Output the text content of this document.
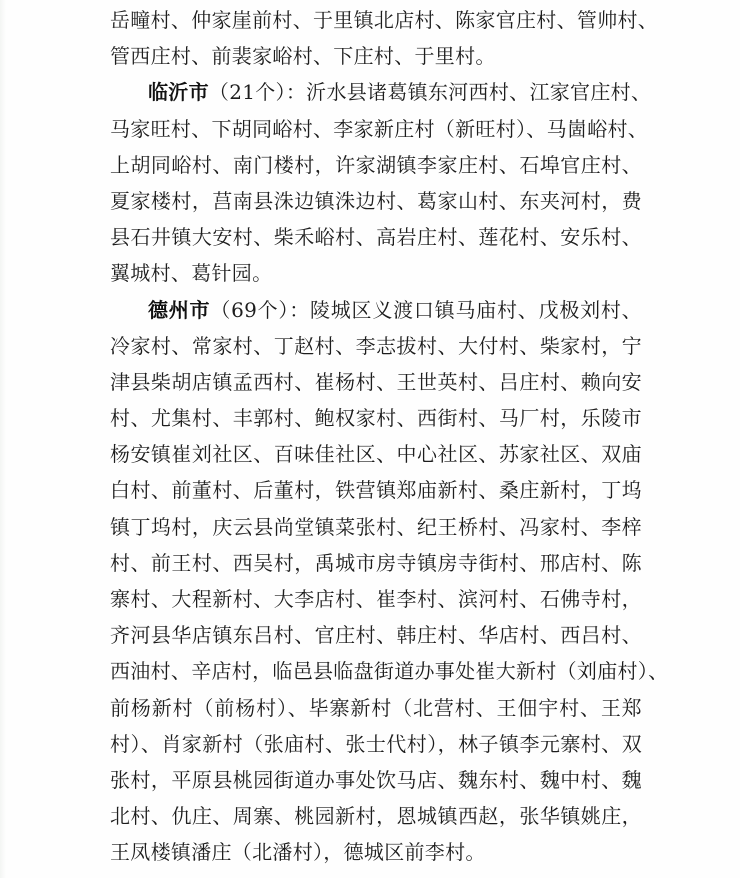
岳疃村、仲家崖前村、于里镇北店村、陈家官庄村、管帅村、
管西庄村、前裴家峪村、下庄村、于里村。
临沂市（21个）：沂水县诸葛镇东河西村、江家官庄村、
马家旺村、下胡同峪村、李家新庄村（新旺村）、马崮峪村、
上胡同峪村、南门楼村，许家湖镇李家庄村、石埠官庄村、
夏家楼村，莒南县洙边镇洙边村、葛家山村、东夹河村，费
县石井镇大安村、柴禾峪村、高岩庄村、莲花村、安乐村、
翼城村、葛针园。
德州市（69个）：陵城区义渡口镇马庙村、戊极刘村、
冷家村、常家村、丁赵村、李志拔村、大付村、柴家村，宁
津县柴胡店镇孟西村、崔杨村、王世英村、吕庄村、赖向安
村、尤集村、丰郭村、鲍权家村、西街村、马厂村，乐陵市
杨安镇崔刘社区、百味佳社区、中心社区、苏家社区、双庙
白村、前董村、后董村，铁营镇郑庙新村、桑庄新村，丁坞
镇丁坞村，庆云县尚堂镇菜张村、纪王桥村、冯家村、李梓
村、前王村、西吴村，禹城市房寺镇房寺街村、邢店村、陈
寨村、大程新村、大李店村、崔李村、滨河村、石佛寺村，
齐河县华店镇东吕村、官庄村、韩庄村、华店村、西吕村、
西油村、辛店村，临邑县临盘街道办事处崔大新村（刘庙村）、
前杨新村（前杨村）、毕寨新村（北营村、王佃宇村、王郑
村）、肖家新村（张庙村、张士代村），林子镇李元寨村、双
张村，平原县桃园街道办事处饮马店、魏东村、魏中村、魏
北村、仇庄、周寨、桃园新村，恩城镇西赵，张华镇姚庄，
王凤楼镇潘庄（北潘村），德城区前李村。
